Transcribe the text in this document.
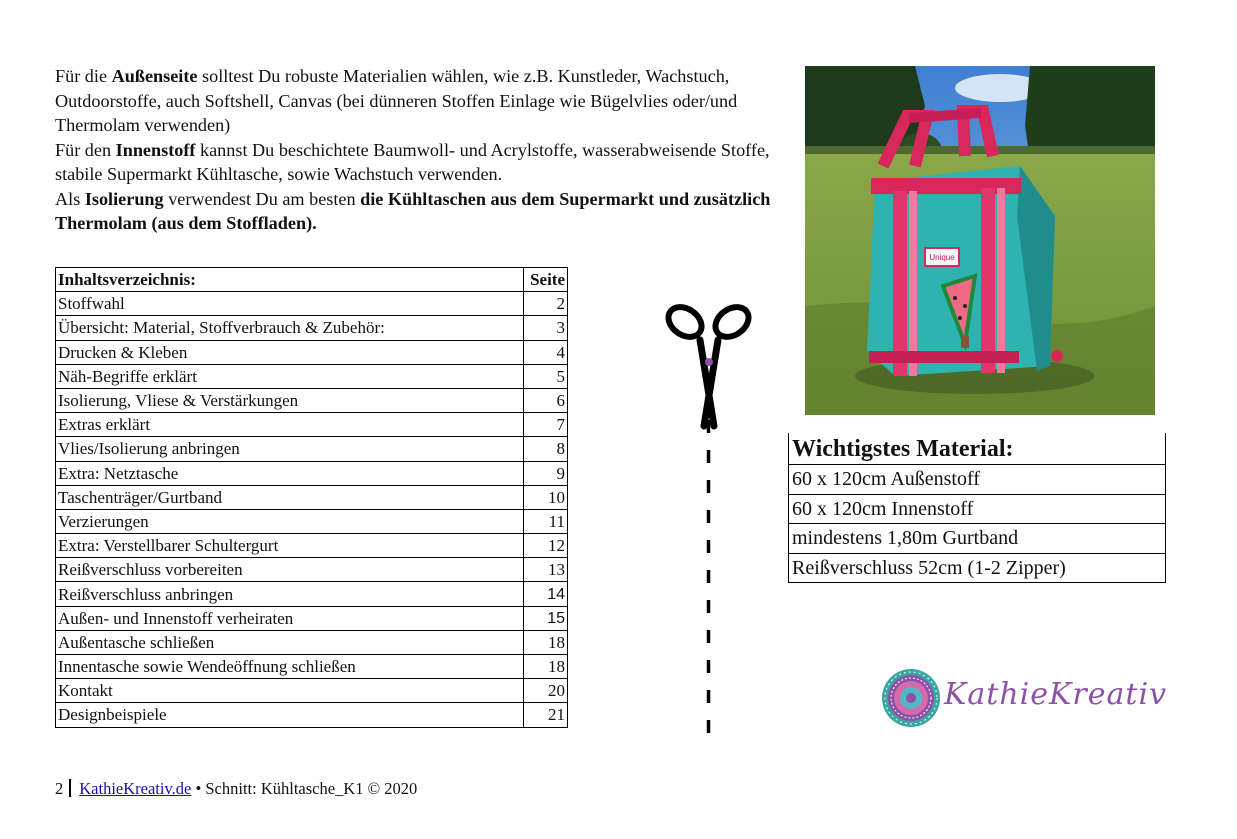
Für die Außenseite solltest Du robuste Materialien wählen, wie z.B. Kunstleder, Wachstuch, Outdoorstoffe, auch Softshell, Canvas (bei dünneren Stoffen Einlage wie Bügelvlies oder/und Thermolam verwenden)

Für den Innenstoff kannst Du beschichtete Baumwoll- und Acrylstoffe, wasserabweisende Stoffe, stabile Supermarkt Kühltasche, sowie Wachstuch verwenden.

Als Isolierung verwendest Du am besten die Kühltaschen aus dem Supermarkt und zusätzlich Thermolam (aus dem Stoffladen).

Inhaltsverzeichnis:	Seite
Stoffwahl	2
Übersicht: Material, Stoffverbrauch & Zubehör:	3
Drucken & Kleben	4
Näh-Begriffe erklärt	5
Isolierung, Vliese & Verstärkungen	6
Extras erklärt	7
Vlies/Isolierung anbringen	8
Extra: Netztasche	9
Taschenträger/Gurtband	10
Verzierungen	11
Extra: Verstellbarer Schultergurt	12
Reißverschluss vorbereiten	13
Reißverschluss anbringen	14
Außen- und Innenstoff verheiraten	15
Außentasche schließen	18
Innentasche sowie Wendeöffnung schließen	18
Kontakt	20
Designbeispiele	21
Unique
Wichtigstes Material:
60 x 120cm Außenstoff
60 x 120cm Innenstoff
mindestens 1,80m Gurtband
Reißverschluss 52cm (1-2 Zipper)
KathieKreativ
2 KathieKreativ.de • Schnitt: Kühltasche_K1 © 2020
